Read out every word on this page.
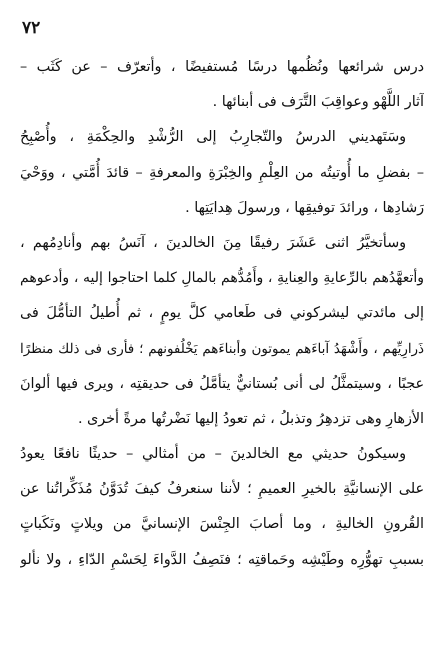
٧٢
درس شرائعها ونُظُمها درسًا مُستفيضًا ، وأتعرّف – عن كَثَب –
آثار اللَّهْو وعواقِبَ التَّرَف فى أبنائها .
وسَتَهديني الدرسُ والتّجارِبُ إلى الرُّشْدِ والحِكْمَةِ ، وأُصْبِحُ
– بفضلِ ما أُوتيتُه من العِلْمِ والخِبْرَةِ والمعرفةِ – قائدَ أُمَّتي ، ووَحْيَ
رَشادِها ، ورائدَ توفيقِها ، ورسولَ هِدايَتِها .
وسأتخيَّرُ اثنى عَشَرَ رفيقًا مِنَ الخالدينَ ، آنَسُ بهم وأنادِمُهم ،
وأتعهَّدُهم بالرِّعايةِ والعِنايةِ ، وأَمُدُّهم بالمالِ كلما احتاجوا إليه ، وأدعوهم
إلى مائدتي ليشركوني فى طَعامي كلَّ يومٍ ، ثم أُطيلُ التأمُّلَ فى
ذَرارِيِّهم ، وأَشْهَدُ آباءَهم يموتون وأبناءَهم يَخْلُفونهم ؛ فأرى فى ذلك منظرًا
عجبًا ، وسيتمثَّلُ لى أنى بُستانيٌّ يتأمَّلُ فى حديقتِه ، ويرى فيها ألوانَ
الأزهارِ وهى تزدهِرُ وتذبلُ ، ثم تعودُ إليها نَضْرتُها مرةً أخرى .
وسيكونُ حديثي مع الخالدينَ – من أمثالي – حديثًا نافعًا يعودُ
على الإنسانيَّةِ بالخيرِ العميمِ ؛ لأننا سنعرفُ كيفَ تُدَوَّنُ مُذَكِّراتُنا عن
القُرونِ الخاليةِ ، وما أصابَ الجِنْسَ الإنسانيَّ من ويلاتٍ ونَكَباتٍ
بسببِ تهوُّرِه وطَيْشِه وحَماقتِه ؛ فنَصِفُ الدَّواءَ لِحَسْمِ الدّاءِ ، ولا نألو
